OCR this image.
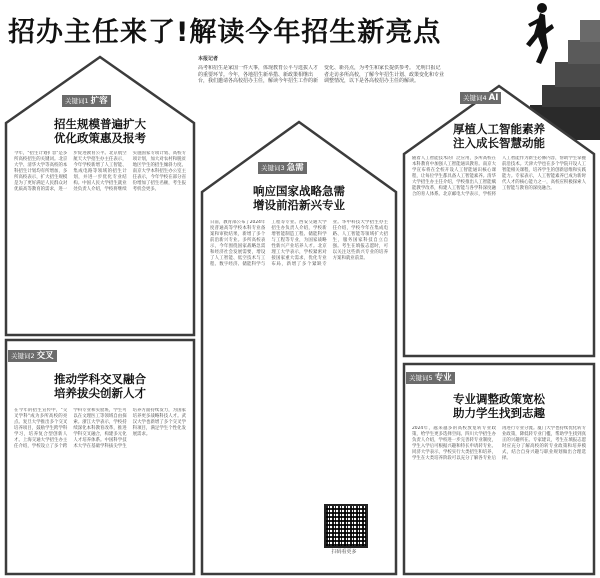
招办主任来了!解读今年招生新亮点
本报记者
高考和招生是家国一件大事，体现教育公平与选拔人才的重要环节。今年，各地招生新举措、新政策相继出台，我们邀请各高校招办主任，解读今年招生工作的新变化、新亮点，为考生和家长提供参考。 光明日报记者走访多所高校，了解今年招生计划、政策变化和专业调整情况，以下是各高校招办主任的解读。
关键词1 扩容
招生规模普遍扩大
优化政策惠及报考
今年，"招生计划扩容"是多所高校招生的关键词。北京大学、清华大学等高校的本科招生计划均有所增加，多所高校表示，扩大招生规模是为了更好满足人民群众对优质高等教育的需求，进一步促进教育公平。北京航空航天大学招生办主任表示，今年学校新增了人工智能、集成电路等领域的招生计划，并进一步优化专业结构。中国人民大学招生就业处负责人介绍，学校将继续实施国家专项计划、高校专项计划，加大对农村和脱贫地区学生的招生倾斜力度。南京大学本科招生办公室主任表示，今年学校在部分省份增加了招生名额，考生报考机会更多。
关键词2 交叉
推动学科交叉融合
培养拔尖创新人才
在今年的招生宣传中，"交叉学科"成为多所高校的亮点。复旦大学推出多个交叉培养项目，鼓励学生跨学科学习，培养复合型创新人才。上海交通大学招生办主任介绍，学校设立了多个跨学科专业和实验班，学生可以在文理医工等领域自由探索。浙江大学表示，学校持续深化本科教育改革，推进学科交叉融合，构建多元化人才培养体系。中国科学技术大学在基础学科拔尖学生培养方面持续发力，为国家培养更多战略科技人才。武汉大学也新增了多个交叉学科项目，满足学生个性化发展需求。
关键词3 急需
响应国家战略急需
增设前沿新兴专业
日前，教育部公布了2024年度普通高等学校本科专业备案和审批结果，新增了多个前沿新兴专业。多所高校表示，今年围绕国家战略急需和经济社会发展需要，增设了人工智能、低空技术与工程、数字经济、储能科学与工程等专业。西安交通大学招生办负责人介绍，学校新增智能制造工程、储能科学与工程等专业，为国家战略性新兴产业培养人才。北京理工大学表示，学校紧密对接国家重大需求，优化专业布局，新增了多个紧缺专业。华中科技大学招生办主任介绍，学校今年在集成电路、人工智能等领域扩大招生，服务国家科技自立自强。考生在填报志愿时，可以关注这些新兴专业的培养方案和就业前景。
扫码看更多
关键词4 AI
厚植人工智能素养
注入成长智慧动能
随着人工智能技术的广泛应用，多所高校在本科教育中加强人工智能通识教育。南京大学宣布将在全校开设人工智能通识核心课程，让每位学生都具备人工智能素养。清华大学招生办主任介绍，学校推出人工智能赋能教学改革，构建人工智能与各学科深度融合的育人体系。北京邮电大学表示，学校将人工智能作为新生必修内容，帮助学生掌握前沿技术。天津大学也在多个学院开设人工智能相关课程，培养学生的创新思维和实践能力。专家表示，人工智能素养已成为新时代人才的核心能力之一，高校应积极探索人工智能与教育的深度融合。
关键词5 专业
专业调整政策宽松
助力学生找到志趣
2024年，越来越多的高校放宽转专业政策，给学生更多选择空间。四川大学招生办负责人介绍，学校进一步完善转专业制度，学生入学后可根据兴趣和特长申请转专业。同济大学表示，学校实行大类招生和培养，学生在大类培养阶段可以充分了解各专业后再进行专业分流。厦门大学也持续优化转专业政策，降低转专业门槛，帮助学生找到真正的兴趣所在。专家建议，考生在填报志愿时应充分了解高校的转专业政策和培养模式，结合自身兴趣与职业规划做出合理选择。
